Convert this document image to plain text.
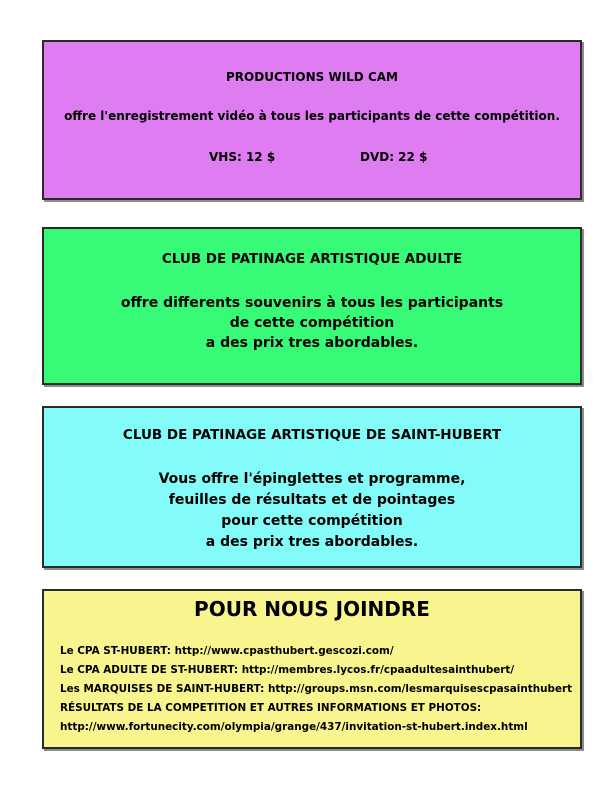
PRODUCTIONS WILD CAM
offre l'enregistrement vidéo à tous les participants de cette compétition.
VHS: 12 $	DVD: 22 $
CLUB DE PATINAGE ARTISTIQUE ADULTE
offre differents souvenirs à tous les participants
de cette compétition
a des prix tres abordables.
CLUB DE PATINAGE ARTISTIQUE DE SAINT-HUBERT
Vous offre l'épinglettes et programme,
feuilles de résultats et de pointages
pour cette compétition
a des prix tres abordables.
POUR NOUS JOINDRE
Le CPA ST-HUBERT: http://www.cpasthubert.gescozi.com/
Le CPA ADULTE DE ST-HUBERT: http://membres.lycos.fr/cpaadultesainthubert/
Les MARQUISES DE SAINT-HUBERT: http://groups.msn.com/lesmarquisescpasainthubert
RÉSULTATS DE LA COMPETITION ET AUTRES INFORMATIONS ET PHOTOS:
http://www.fortunecity.com/olympia/grange/437/invitation-st-hubert.index.html
